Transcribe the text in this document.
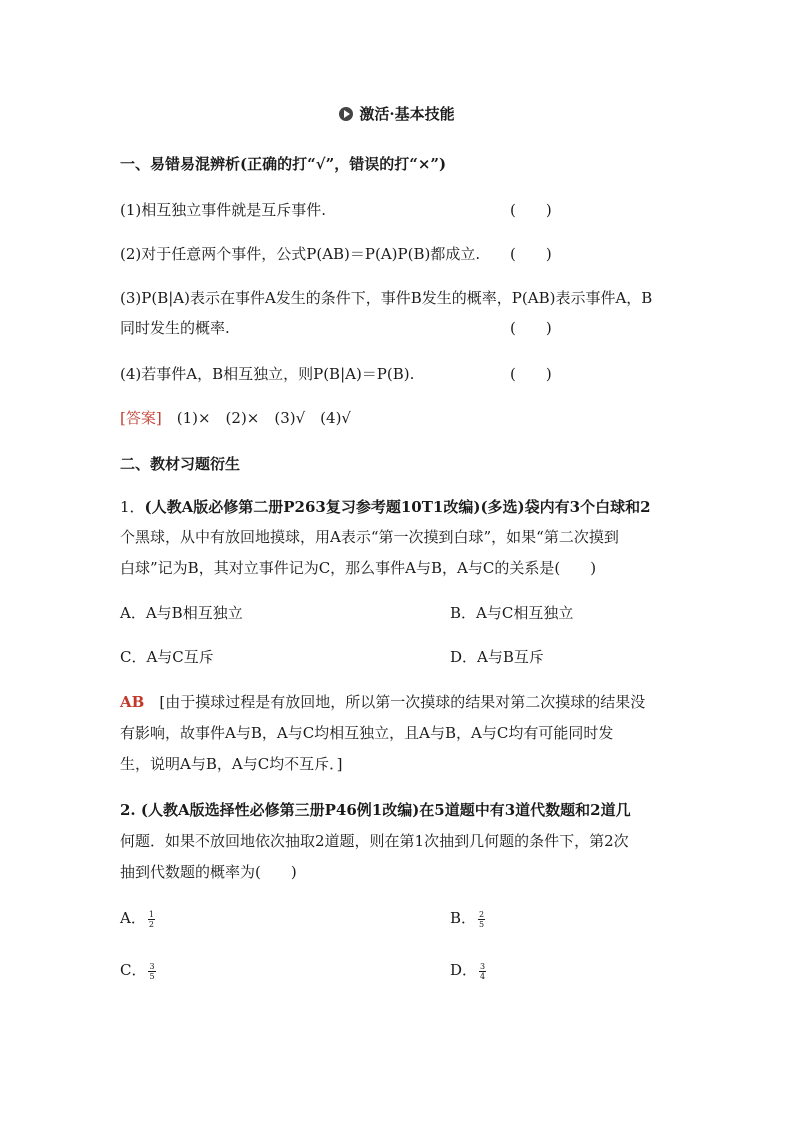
激活·基本技能
一、易错易混辨析(正确的打“√”，错误的打“×”)
(1)相互独立事件就是互斥事件.	(　　)
(2)对于任意两个事件，公式P(AB)＝P(A)P(B)都成立. (　　)
(3)P(B|A)表示在事件A发生的条件下，事件B发生的概率，P(AB)表示事件A，B
同时发生的概率.	(　　)
(4)若事件A，B相互独立，则P(B|A)＝P(B).	(　　)
[答案]　 (1)×　(2)×　(3)√　(4)√
二、教材习题衍生
1．(人教A版必修第二册P263复习参考题10T1改编)(多选)袋内有3个白球和2
个黑球，从中有放回地摸球，用A表示“第一次摸到白球”，如果“第二次摸到
白球”记为B，其对立事件记为C，那么事件A与B，A与C的关系是(　　)
A．A与B相互独立	B．A与C相互独立
C．A与C互斥	D．A与B互斥
AB　 [由于摸球过程是有放回地，所以第一次摸球的结果对第二次摸球的结果没
有影响，故事件A与B，A与C均相互独立，且A与B，A与C均有可能同时发
生，说明A与B，A与C均不互斥．]
2. (人教A版选择性必修第三册P46例1改编)在5道题中有3道代数题和2道几
何题．如果不放回地依次抽取2道题，则在第1次抽到几何题的条件下，第2次
抽到代数题的概率为(　　)
A． $\frac{1}{2}$	B． $\frac{2}{5}$
C． $\frac{3}{5}$	D． $\frac{3}{4}$
